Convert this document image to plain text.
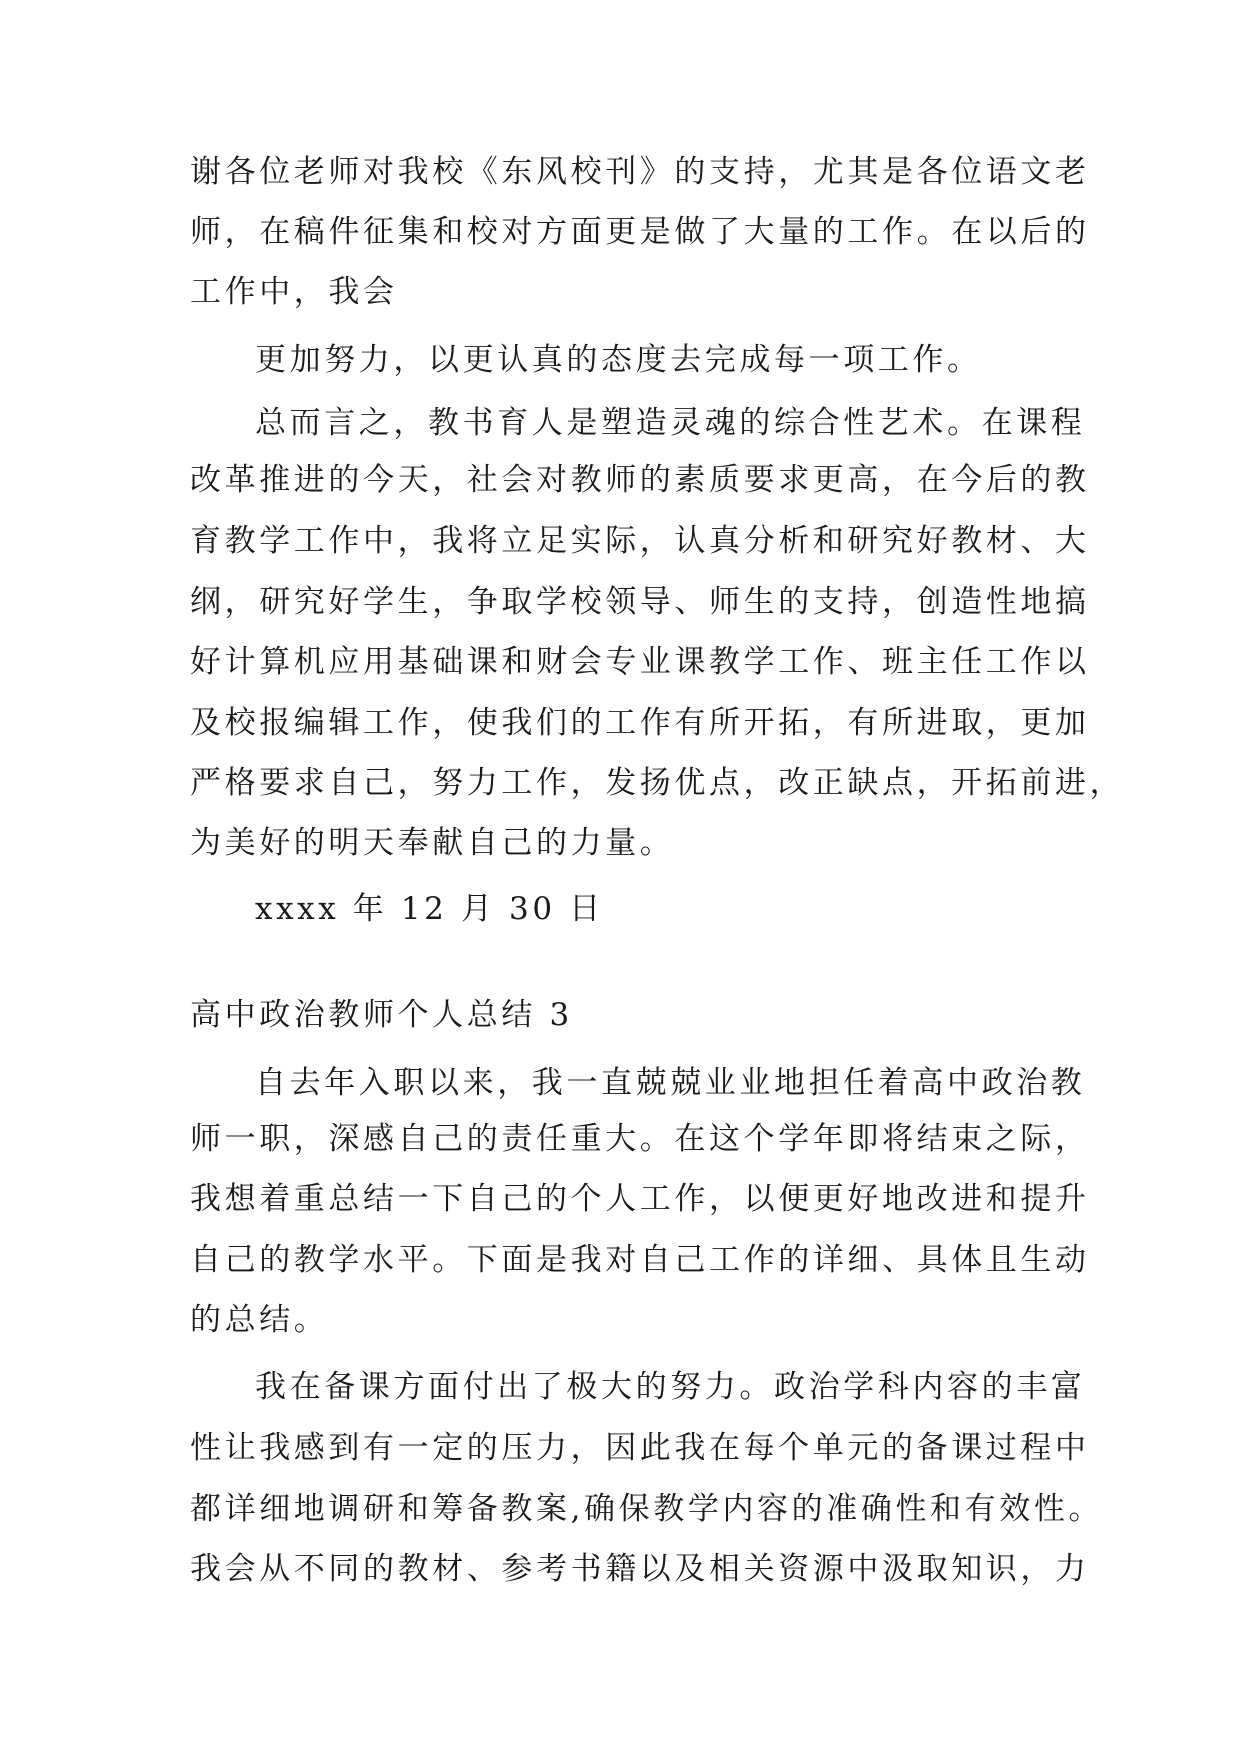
谢各位老师对我校《东风校刊》的支持，尤其是各位语文老
师，在稿件征集和校对方面更是做了大量的工作。在以后的
工作中，我会
更加努力，以更认真的态度去完成每一项工作。
总而言之，教书育人是塑造灵魂的综合性艺术。在课程
改革推进的今天，社会对教师的素质要求更高，在今后的教
育教学工作中，我将立足实际，认真分析和研究好教材、大
纲，研究好学生，争取学校领导、师生的支持，创造性地搞
好计算机应用基础课和财会专业课教学工作、班主任工作以
及校报编辑工作，使我们的工作有所开拓，有所进取，更加
严格要求自己，努力工作，发扬优点，改正缺点，开拓前进，
为美好的明天奉献自己的力量。
xxxx 年 12 月 30 日
高中政治教师个人总结 3
自去年入职以来，我一直兢兢业业地担任着高中政治教
师一职，深感自己的责任重大。在这个学年即将结束之际，
我想着重总结一下自己的个人工作，以便更好地改进和提升
自己的教学水平。下面是我对自己工作的详细、具体且生动
的总结。
我在备课方面付出了极大的努力。政治学科内容的丰富
性让我感到有一定的压力，因此我在每个单元的备课过程中
都详细地调研和筹备教案,确保教学内容的准确性和有效性。
我会从不同的教材、参考书籍以及相关资源中汲取知识，力
